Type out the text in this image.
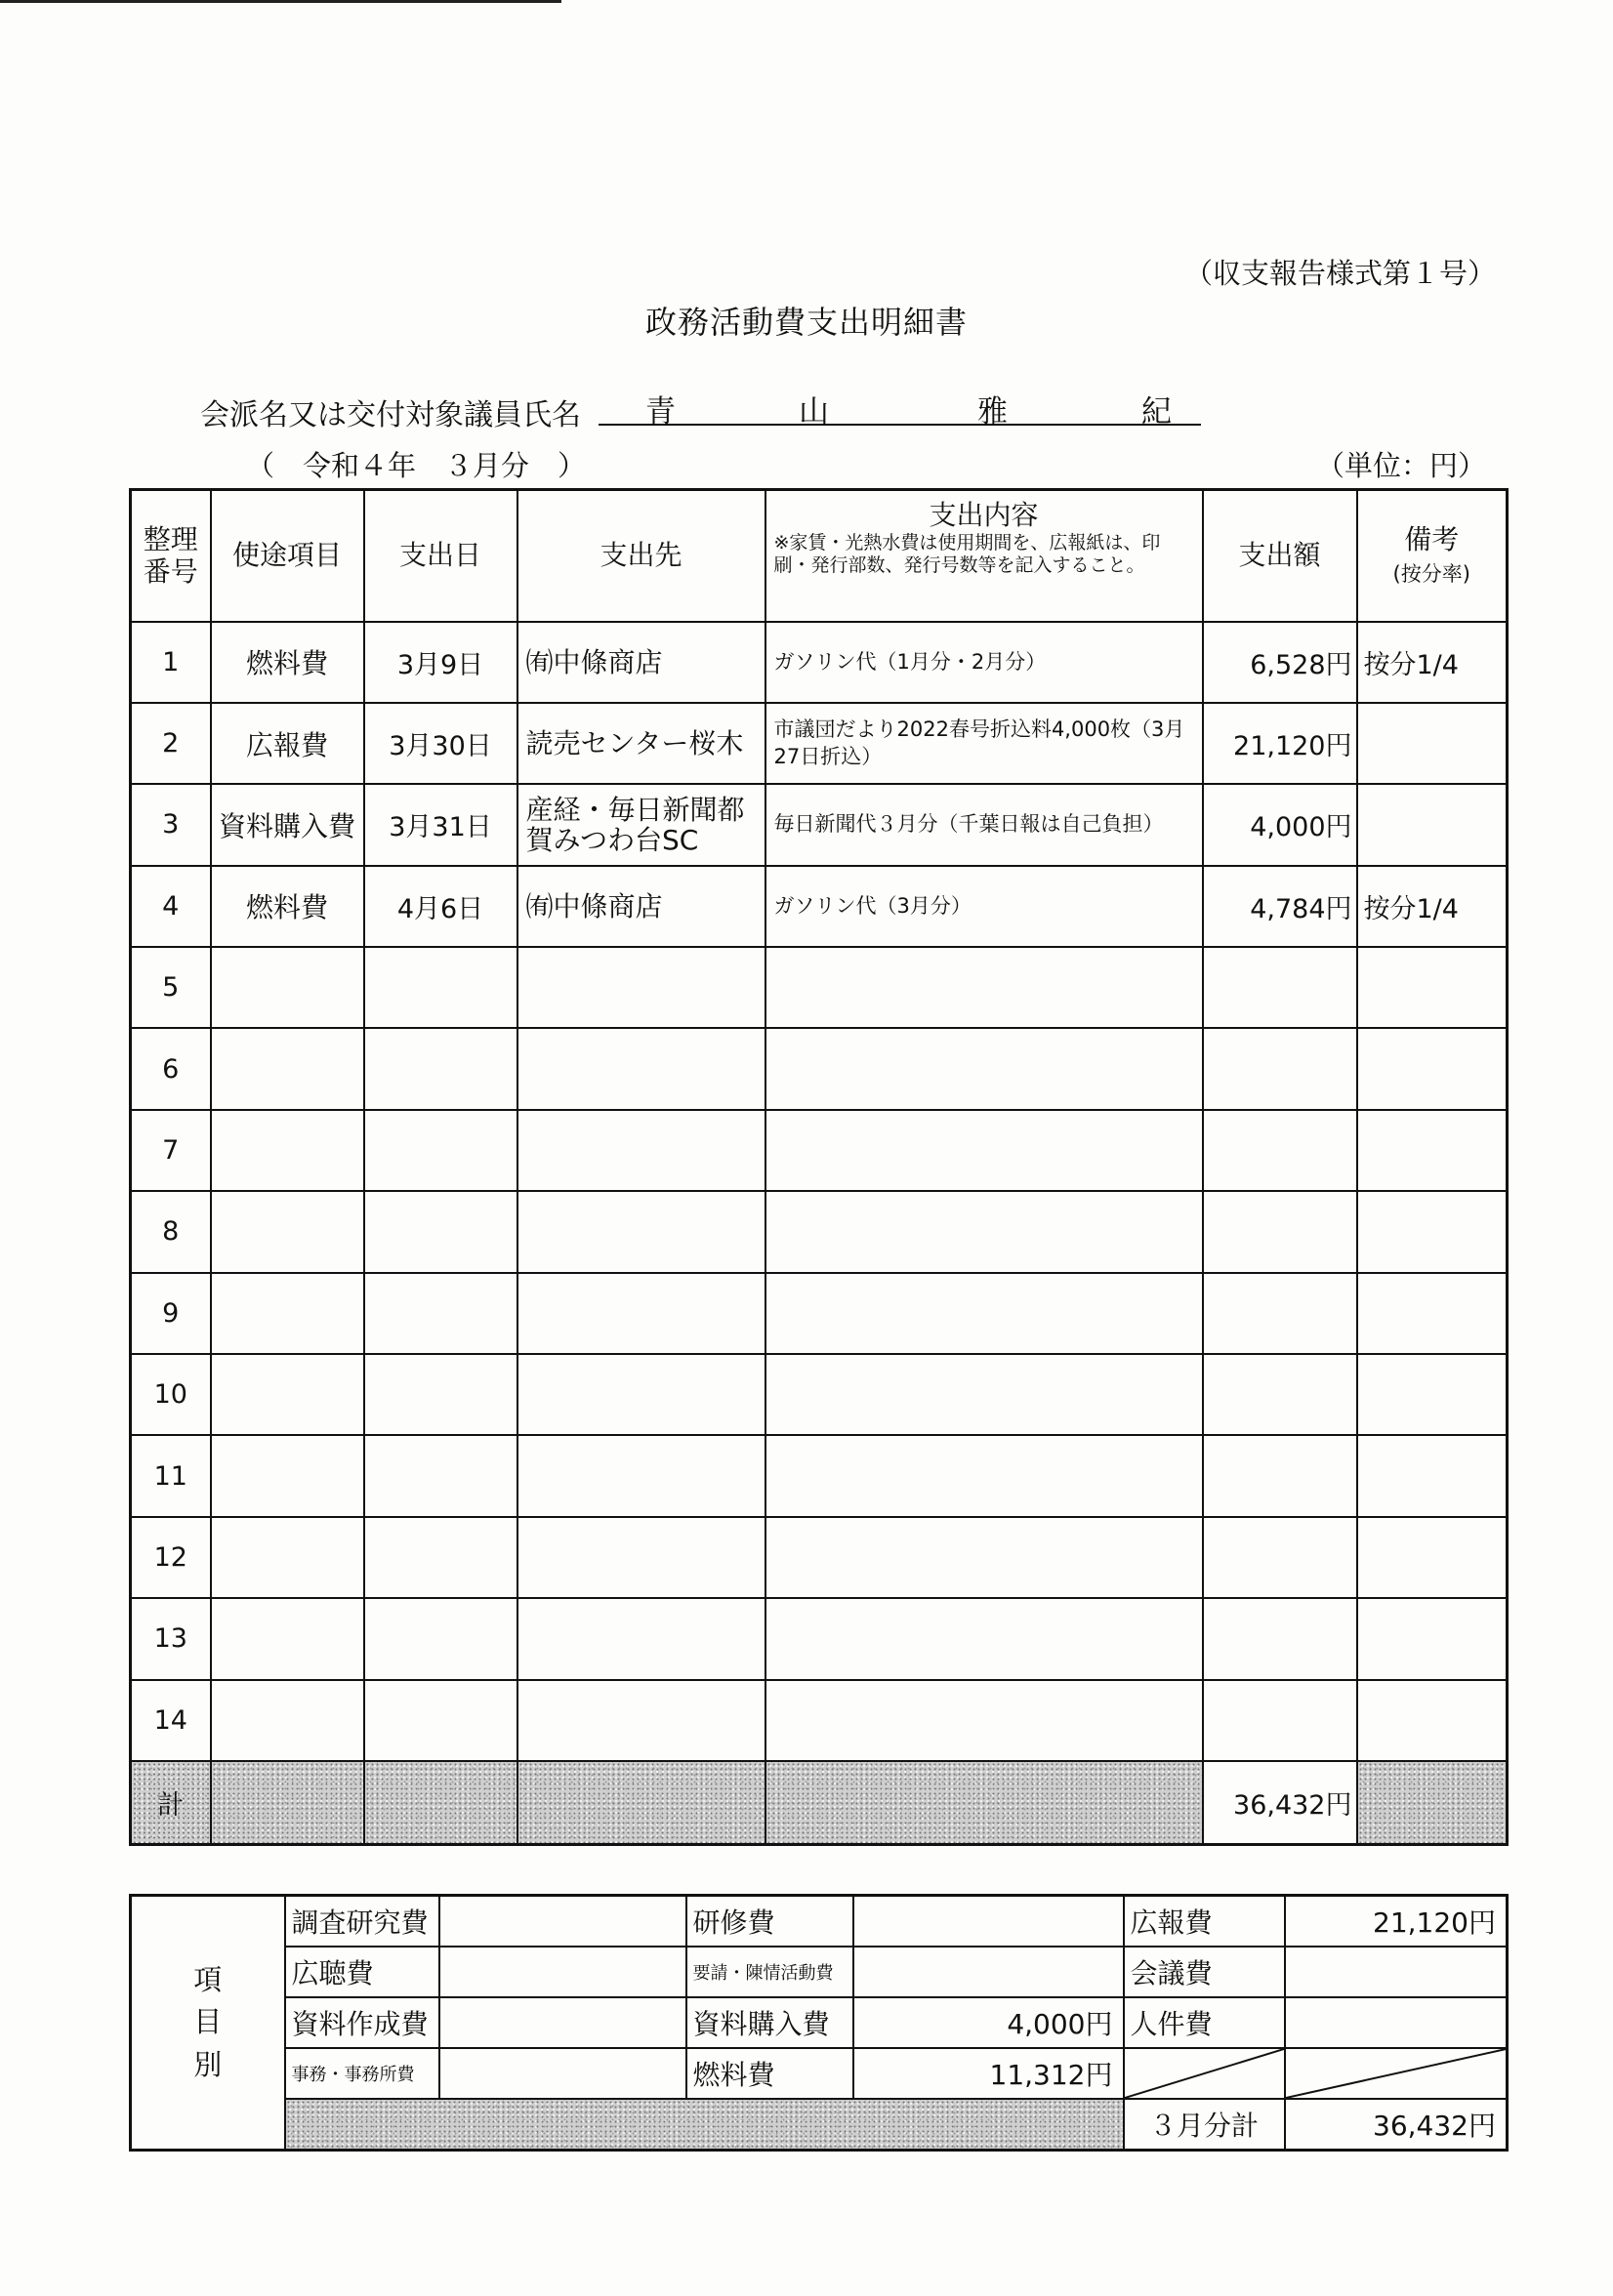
（収支報告様式第１号）
政務活動費支出明細書
会派名又は交付対象議員氏名 青	山	雅	紀
（　令和４年　３月分　）	（単位：円）
整理
番号	使途項目	支出日	支出先	支出内容
※家賃・光熱水費は使用期間を、広報紙は、印刷・発行部数、発行号数等を記入すること。	支出額	備考
(按分率)
1	燃料費	3月9日	㈲中條商店	ガソリン代（1月分・2月分）	6,528円	按分1/4
2	広報費	3月30日	読売センター桜木	市議団だより2022春号折込料4,000枚（3月27日折込）	21,120円	
3	資料購入費	3月31日	産経・毎日新聞都賀みつわ台SC	毎日新聞代３月分（千葉日報は自己負担）	4,000円	
4	燃料費	4月6日	㈲中條商店	ガソリン代（3月分）	4,784円	按分1/4
5						
6						
7						
8						
9						
10						
11						
12						
13						
14						
計					36,432円	
項
目
別	調査研究費		研修費		広報費	21,120円
	広聴費		要請・陳情活動費		会議費	
	資料作成費		資料購入費	4,000円	人件費	
	事務・事務所費		燃料費	11,312円	

					３月分計	36,432円
